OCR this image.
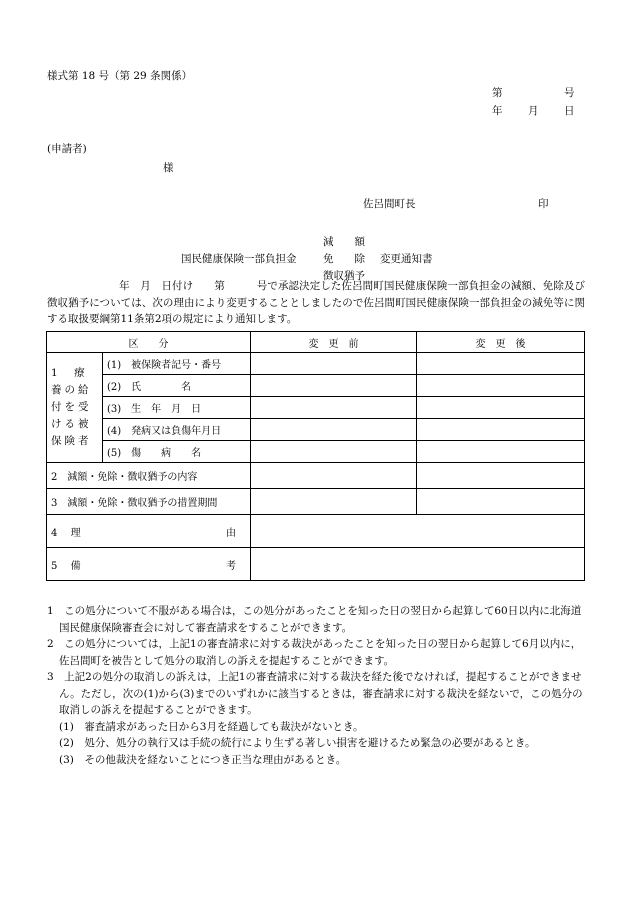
様式第 18 号（第 29 条関係）
第	号
年 月 日
(申請者)
様
佐呂間町長	印
減　　額
国民健康保険一部負担金	免　　除 変更通知書
徴収猶予
年　月　日付け　　第　　　号で承認決定した佐呂間町国民健康保険一部負担金の減額、免除及び徴収猶予については、次の理由により変更することとしましたので佐呂間町国民健康保険一部負担金の減免等に関する取扱要綱第11条第2項の規定により通知します。
区　　分		変　更　前	変　更　後
1　療養の給付を受ける被保険者	(1)　 被保険者記号・番号		
	(2)　 氏　　　　名		
	(3)　 生　年　月　日		
	(4)　 発病又は負傷年月日		
	(5)　 傷　　病　　名		
2　減額・免除・徴収猶予の内容			
3　減額・免除・徴収猶予の措置期間			

4　 理 由			

5　 備 考			

1　この処分について不服がある場合は，この処分があったことを知った日の翌日から起算して60日以内に北海道国民健康保険審査会に対して審査請求をすることができます。

2　この処分については，上記1の審査請求に対する裁決があったことを知った日の翌日から起算して6月以内に，佐呂間町を被告として処分の取消しの訴えを提起することができます。

3　上記2の処分の取消しの訴えは，上記1の審査請求に対する裁決を経た後でなければ，提起することができません。ただし，次の(1)から(3)までのいずれかに該当するときは，審査請求に対する裁決を経ないで，この処分の取消しの訴えを提起することができます。

(1)　審査請求があった日から3月を経過しても裁決がないとき。

(2)　処分、処分の執行又は手続の続行により生ずる著しい損害を避けるため緊急の必要があるとき。

(3)　その他裁決を経ないことにつき正当な理由があるとき。
